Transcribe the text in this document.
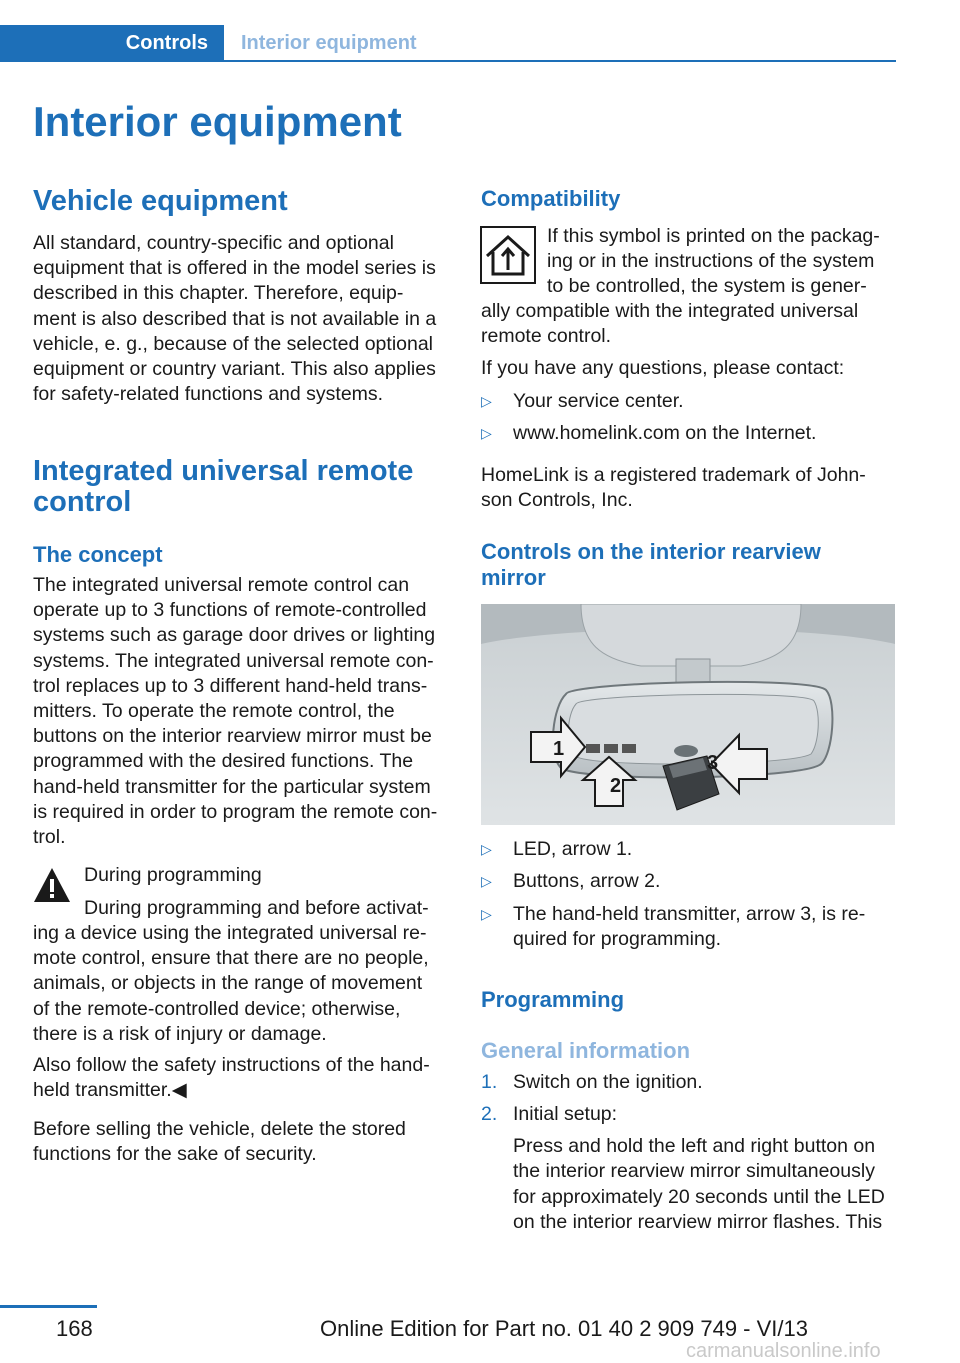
Controls	Interior equipment
Interior equipment
Vehicle equipment
All standard, country-specific and optional
equipment that is offered in the model series is
described in this chapter. Therefore, equip‐
ment is also described that is not available in a
vehicle, e. g., because of the selected optional
equipment or country variant. This also applies
for safety-related functions and systems.
Integrated universal remote
control
The concept
The integrated universal remote control can
operate up to 3 functions of remote-controlled
systems such as garage door drives or lighting
systems. The integrated universal remote con‐
trol replaces up to 3 different hand-held trans‐
mitters. To operate the remote control, the
buttons on the interior rearview mirror must be
programmed with the desired functions. The
hand-held transmitter for the particular system
is required in order to program the remote con‐
trol.
During programming
During programming and before activat‐
ing a device using the integrated universal re‐
mote control, ensure that there are no people,
animals, or objects in the range of movement
of the remote-controlled device; otherwise,
there is a risk of injury or damage.
Also follow the safety instructions of the hand‐
held transmitter.◀
Before selling the vehicle, delete the stored
functions for the sake of security.
Compatibility
If this symbol is printed on the packag‐
ing or in the instructions of the system
to be controlled, the system is gener‐
ally compatible with the integrated universal
remote control.
If you have any questions, please contact:
▷ Your service center.
▷ www.homelink.com on the Internet.
HomeLink is a registered trademark of John‐
son Controls, Inc.
Controls on the interior rearview
mirror
1
2
3
▷ LED, arrow 1.
▷ Buttons, arrow 2.
▷ The hand-held transmitter, arrow 3, is re‐
quired for programming.
Programming
General information
1. Switch on the ignition.
2. Initial setup:
Press and hold the left and right button on
the interior rearview mirror simultaneously
for approximately 20 seconds until the LED
on the interior rearview mirror flashes. This
168	Online Edition for Part no. 01 40 2 909 749 - VI/13
carmanualsonline.info
